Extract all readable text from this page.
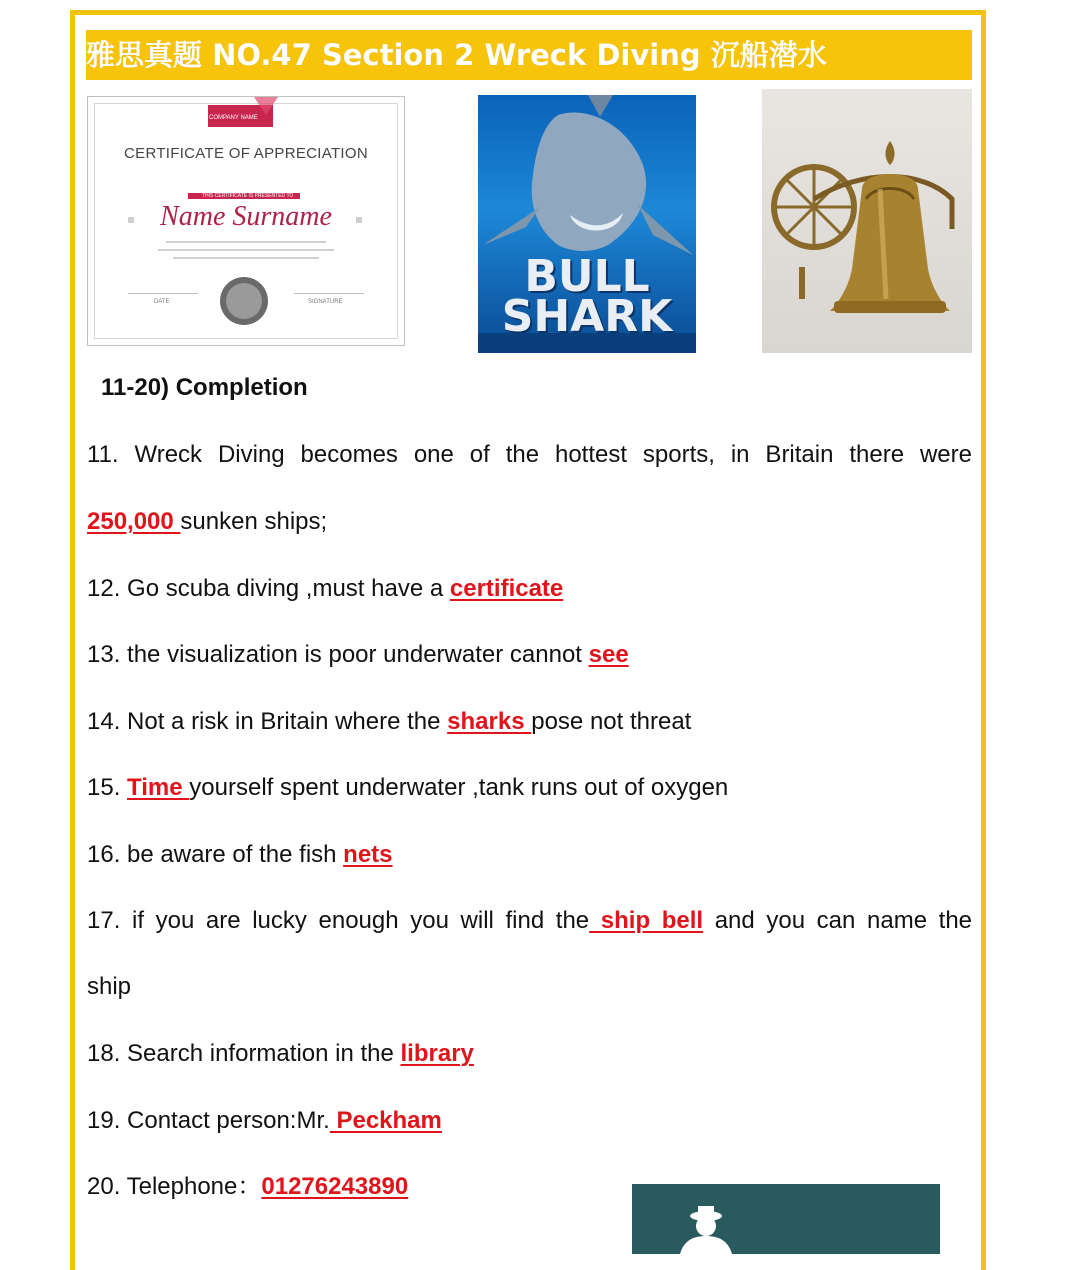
雅思真题 NO.47 Section 2 Wreck Diving 沉船潜水
COMPANY NAME
THIS CERTIFICATE IS PRESENTED TO
DATE	SIGNATURE
CERTIFICATE OF APPRECIATION
Name Surname
BULL
SHARK
11-20) Completion
11. Wreck Diving becomes one of the hottest sports, in Britain there were
250,000 sunken ships;
12. Go scuba diving ,must have a certificate
13. the visualization is poor underwater cannot see
14. Not a risk in Britain where the sharks pose not threat
15. Time yourself spent underwater ,tank runs out of oxygen
16. be aware of the fish nets
17. if you are lucky enough you will find the ship bell and you can name the
ship
18. Search information in the library
19. Contact person:Mr. Peckham
20. Telephone：01276243890
